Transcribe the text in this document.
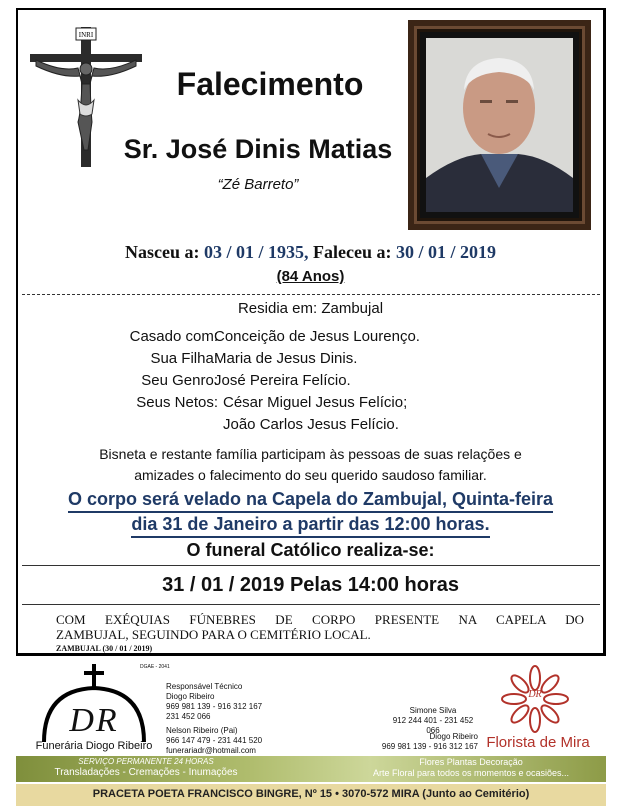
INRI
Falecimento
Sr. José Dinis Matias
“Zé Barreto”
Nasceu a: 03 / 01 / 1935, Faleceu a: 30 / 01 / 2019
(84 Anos)
Residia em: Zambujal
Casado com:
Conceição de Jesus Lourenço.
Sua Filha:
Maria de Jesus Dinis.
Seu Genro:
José Pereira Felício.
Seus Netos: César Miguel Jesus Felício;
João Carlos Jesus Felício.
Bisneta e restante família participam às pessoas de suas relações e
amizades o falecimento do seu querido saudoso familiar.
O corpo será velado na Capela do Zambujal, Quinta-feira
dia 31 de Janeiro a partir das 12:00 horas.
O funeral Católico realiza-se:
31 / 01 / 2019 Pelas 14:00 horas
COM EXÉQUIAS FÚNEBRES DE CORPO PRESENTE NA CAPELA DO
ZAMBUJAL, SEGUINDO PARA O CEMITÉRIO LOCAL.
ZAMBUJAL (30 / 01 / 2019)
DGAE - 2041
DR
Funerária Diogo Ribeiro
Responsável Técnico
Diogo Ribeiro
969 981 139 - 916 312 167
231 452 066
Nelson Ribeiro (Pai)
966 147 479 - 231 441 520
funerariadr@hotmail.com
Simone Silva
912 244 401 - 231 452 066
Diogo Ribeiro
969 981 139 - 916 312 167
DR
Florista de Mira
SERVIÇO PERMANENTE 24 HORAS
Transladações - Cremações - Inumações
Flores Plantas Decoração
Arte Floral para todos os momentos e ocasiões...
PRACETA POETA FRANCISCO BINGRE, Nº 15 • 3070-572 MIRA (Junto ao Cemitério)
